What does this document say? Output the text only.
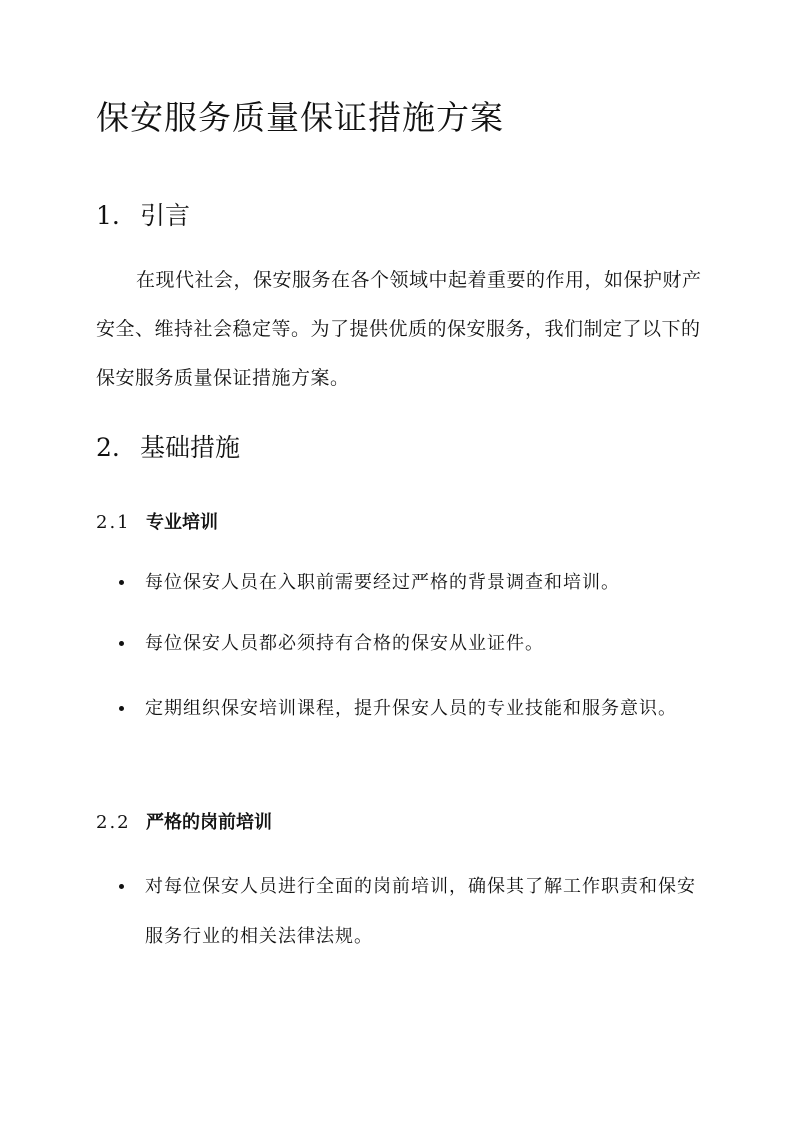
保安服务质量保证措施方案
1. 引言

在现代社会，保安服务在各个领域中起着重要的作用，如保护财产安全、维持社会稳定等。为了提供优质的保安服务，我们制定了以下的保安服务质量保证措施方案。

2. 基础措施
2.1 专业培训
每位保安人员在入职前需要经过严格的背景调查和培训。
每位保安人员都必须持有合格的保安从业证件。
定期组织保安培训课程，提升保安人员的专业技能和服务意识。
2.2 严格的岗前培训
对每位保安人员进行全面的岗前培训，确保其了解工作职责和保安服务行业的相关法律法规。
